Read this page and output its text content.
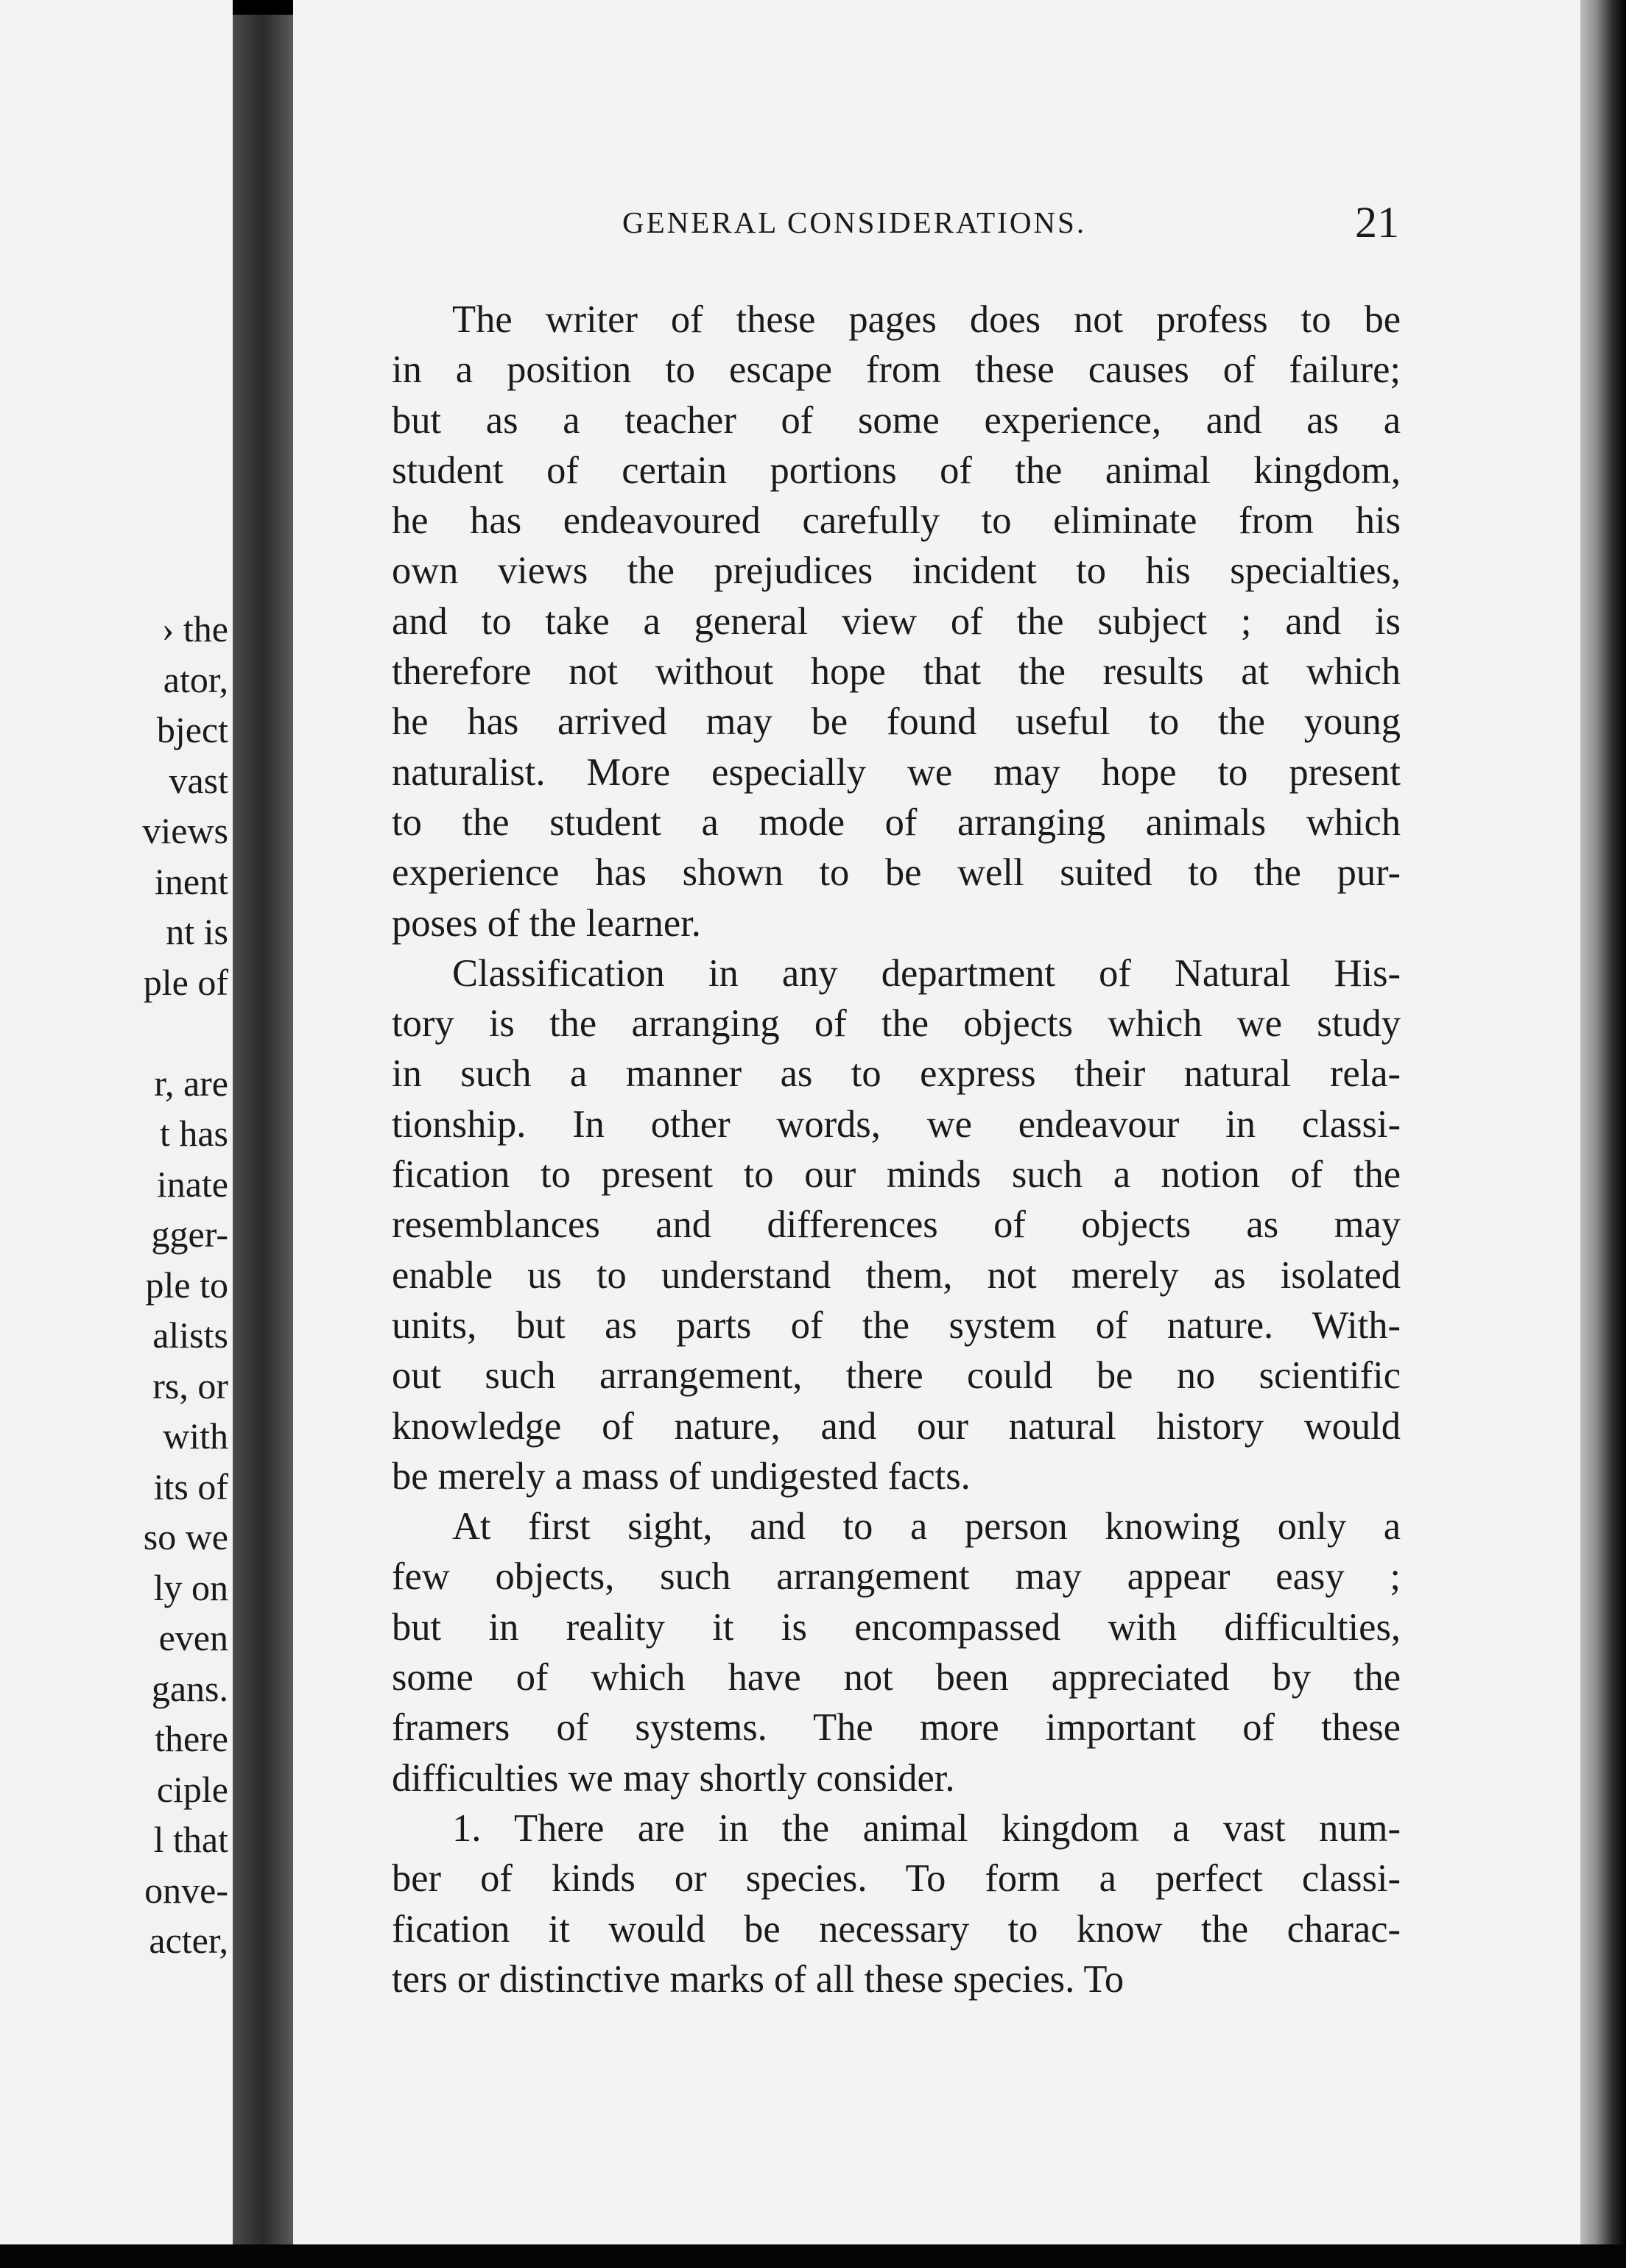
› the
ator,
bject
vast
views
inent
nt is
ple of

r, are
t has
inate
gger-
ple to
alists
rs, or
with
its of
so we
ly on
even
gans.
there
ciple
l that
onve-
acter,
GENERAL CONSIDERATIONS.	21
The writer of these pages does not profess to be
in a position to escape from these causes of failure;
but as a teacher of some experience, and as a
student of certain portions of the animal kingdom,
he has endeavoured carefully to eliminate from his
own views the prejudices incident to his specialties,
and to take a general view of the subject ; and is
therefore not without hope that the results at which
he has arrived may be found useful to the young
naturalist. More especially we may hope to present
to the student a mode of arranging animals which
experience has shown to be well suited to the pur-
poses of the learner.
Classification in any department of Natural His-
tory is the arranging of the objects which we study
in such a manner as to express their natural rela-
tionship. In other words, we endeavour in classi-
fication to present to our minds such a notion of the
resemblances and differences of objects as may
enable us to understand them, not merely as isolated
units, but as parts of the system of nature. With-
out such arrangement, there could be no scientific
knowledge of nature, and our natural history would
be merely a mass of undigested facts.
At first sight, and to a person knowing only a
few objects, such arrangement may appear easy ;
but in reality it is encompassed with difficulties,
some of which have not been appreciated by the
framers of systems. The more important of these
difficulties we may shortly consider.
1. There are in the animal kingdom a vast num-
ber of kinds or species. To form a perfect classi-
fication it would be necessary to know the charac-
ters or distinctive marks of all these species. To
